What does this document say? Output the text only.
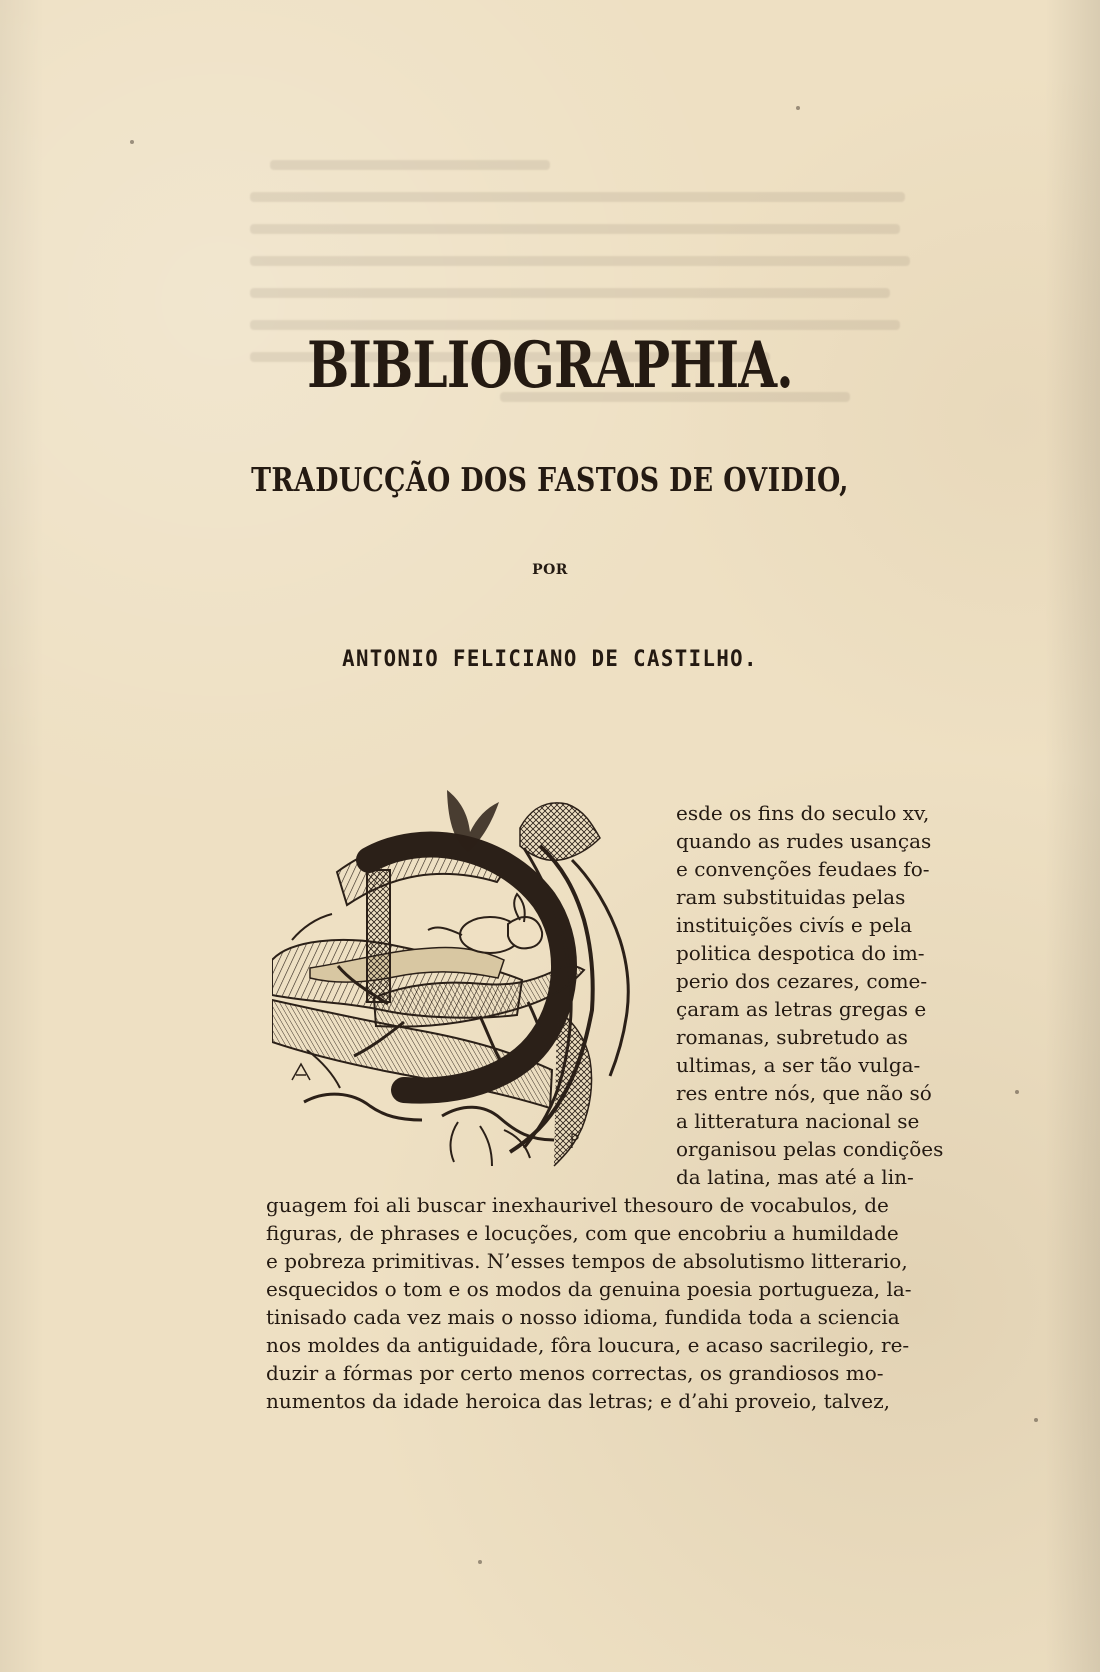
BIBLIOGRAPHIA.
TRADUCÇÃO DOS FASTOS DE OVIDIO,
POR
ANTONIO FELICIANO DE CASTILHO.
esde os fins do seculo xv,
quando as rudes usanças
e convenções feudaes fo-
ram substituidas pelas
instituições civís e pela
politica despotica do im-
perio dos cezares, come-
çaram as letras gregas e
romanas, subretudo as
ultimas, a ser tão vulga-
res entre nós, que não só
a litteratura nacional se
organisou pelas condições
da latina, mas até a lin-
guagem foi ali buscar inexhaurivel thesouro de vocabulos, de
figuras, de phrases e locuções, com que encobriu a humildade
e pobreza primitivas. N’esses tempos de absolutismo litterario,
esquecidos o tom e os modos da genuina poesia portugueza, la-
tinisado cada vez mais o nosso idioma, fundida toda a sciencia
nos moldes da antiguidade, fôra loucura, e acaso sacrilegio, re-
duzir a fórmas por certo menos correctas, os grandiosos mo-
numentos da idade heroica das letras; e d’ahi proveio, talvez,
